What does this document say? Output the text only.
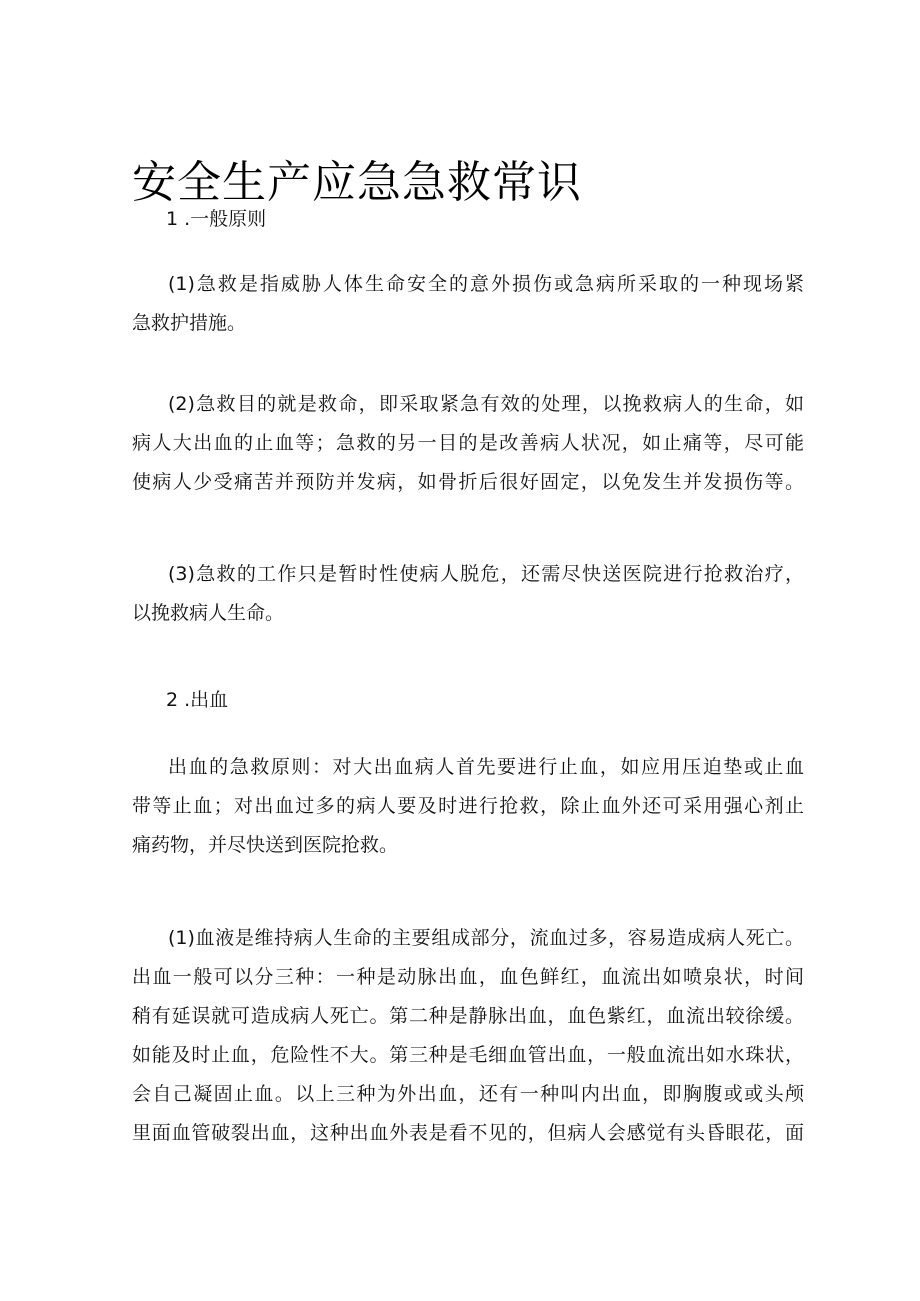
安全生产应急急救常识
1 .一般原则
(1)急救是指威胁人体生命安全的意外损伤或急病所采取的一种现场紧
急救护措施。
(2)急救目的就是救命，即采取紧急有效的处理，以挽救病人的生命，如
病人大出血的止血等；急救的另一目的是改善病人状况，如止痛等，尽可能
使病人少受痛苦并预防并发病，如骨折后很好固定，以免发生并发损伤等。
(3)急救的工作只是暂时性使病人脱危，还需尽快送医院进行抢救治疗，
以挽救病人生命。
2 .出血
出血的急救原则：对大出血病人首先要进行止血，如应用压迫垫或止血
带等止血；对出血过多的病人要及时进行抢救，除止血外还可采用强心剂止
痛药物，并尽快送到医院抢救。
(1)血液是维持病人生命的主要组成部分，流血过多，容易造成病人死亡。
出血一般可以分三种：一种是动脉出血，血色鲜红，血流出如喷泉状，时间
稍有延误就可造成病人死亡。第二种是静脉出血，血色紫红，血流出较徐缓。
如能及时止血，危险性不大。第三种是毛细血管出血，一般血流出如水珠状，
会自己凝固止血。以上三种为外出血，还有一种叫内出血，即胸腹或或头颅
里面血管破裂出血，这种出血外表是看不见的，但病人会感觉有头昏眼花，面
